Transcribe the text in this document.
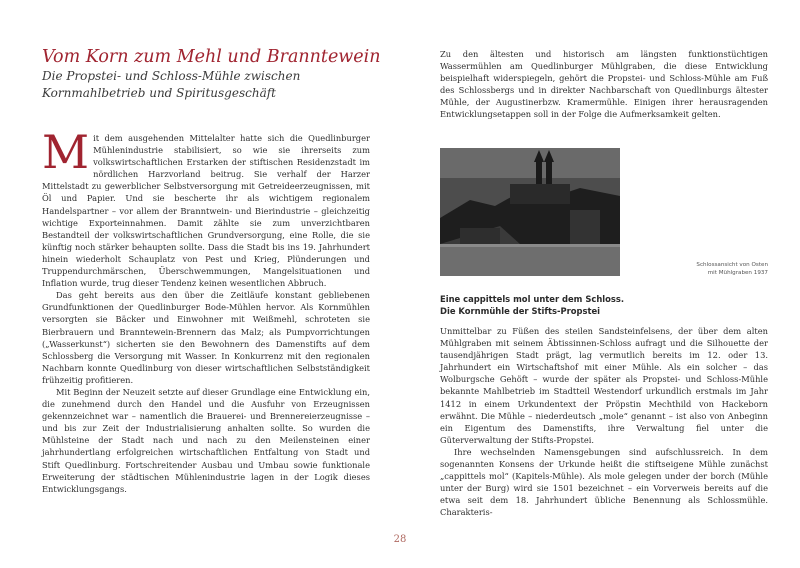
Vom Korn zum Mehl und Branntewein
Die Propstei- und Schloss-Mühle zwischen Kornmahlbetrieb und Spiritusgeschäft

Mit dem ausgehenden Mittelalter hatte sich die Quedlinburger Mühlenindustrie stabilisiert, so wie sie ihrerseits zum volkswirtschaftlichen Erstarken der stiftischen Residenzstadt im nördlichen Harzvorland beitrug. Sie verhalf der Harzer Mittelstadt zu gewerblicher Selbstversorgung mit Getreideerzeugnissen, mit Öl und Papier. Und sie bescherte ihr als wichtigem regionalem Handelspartner – vor allem der Branntwein- und Bierindustrie – gleichzeitig wichtige Exporteinnahmen. Damit zählte sie zum unverzichtbaren Bestandteil der volkswirtschaftlichen Grundversorgung, eine Rolle, die sie künftig noch stärker behaupten sollte. Dass die Stadt bis ins 19. Jahrhundert hinein wiederholt Schauplatz von Pest und Krieg, Plünderungen und Truppendurchmärschen, Überschwemmungen, Mangelsituationen und Inflation wurde, trug dieser Tendenz keinen wesentlichen Abbruch.

Das geht bereits aus den über die Zeitläufe konstant gebliebenen Grundfunktionen der Quedlinburger Bode-Mühlen hervor. Als Kornmühlen versorgten sie Bäcker und Einwohner mit Weißmehl, schroteten sie Bierbrauern und Branntewein-Brennern das Malz; als Pumpvorrichtungen („Wasserkunst“) sicherten sie den Bewohnern des Damenstifts auf dem Schlossberg die Versorgung mit Wasser. In Konkurrenz mit den regionalen Nachbarn konnte Quedlinburg von dieser wirtschaftlichen Selbstständigkeit frühzeitig profitieren.

Mit Beginn der Neuzeit setzte auf dieser Grundlage eine Entwicklung ein, die zunehmend durch den Handel und die Ausfuhr von Erzeugnissen gekennzeichnet war – namentlich die Brauerei- und Brennereierzeugnisse – und bis zur Zeit der Industrialisierung anhalten sollte. So wurden die Mühlsteine der Stadt nach und nach zu den Meilensteinen einer jahrhundertlang erfolgreichen wirtschaftlichen Entfaltung von Stadt und Stift Quedlinburg. Fortschreitender Ausbau und Umbau sowie funktionale Erweiterung der städtischen Mühlenindustrie lagen in der Logik dieses Entwicklungsgangs.

Zu den ältesten und historisch am längsten funktionstüchtigen Wassermühlen am Quedlinburger Mühlgraben, die diese Entwicklung beispielhaft widerspiegeln, gehört die Propstei- und Schloss-Mühle am Fuß des Schlossbergs und in direkter Nachbarschaft von Quedlinburgs ältester Mühle, der Augustinerbzw. Kramermühle. Einigen ihrer herausragenden Entwicklungsetappen soll in der Folge die Aufmerksamkeit gelten.

Schlossansicht von Osten
mit Mühlgraben 1937

Eine cappittels mol unter dem Schloss.
Die Kornmühle der Stifts-Propstei

Unmittelbar zu Füßen des steilen Sandsteinfelsens, der über dem alten Mühlgraben mit seinem Äbtissinnen-Schloss aufragt und die Silhouette der tausendjährigen Stadt prägt, lag vermutlich bereits im 12. oder 13. Jahrhundert ein Wirtschaftshof mit einer Mühle. Als ein solcher – das Wolburgsche Gehöft – wurde der später als Propstei- und Schloss-Mühle bekannte Mahlbetrieb im Stadtteil Westendorf urkundlich erstmals im Jahr 1412 in einem Urkundentext der Pröpstin Mechthild von Hackeborn erwähnt. Die Mühle – niederdeutsch „mole“ genannt – ist also von Anbeginn ein Eigentum des Damenstifts, ihre Verwaltung fiel unter die Güterverwaltung der Stifts-Propstei.

Ihre wechselnden Namensgebungen sind aufschlussreich. In dem sogenannten Konsens der Urkunde heißt die stiftseigene Mühle zunächst „cappittels mol“ (Kapitels-Mühle). Als mole gelegen under der borch (Mühle unter der Burg) wird sie 1501 bezeichnet – ein Vorverweis bereits auf die etwa seit dem 18. Jahrhundert übliche Benennung als Schlossmühle. Charakteris-

28
